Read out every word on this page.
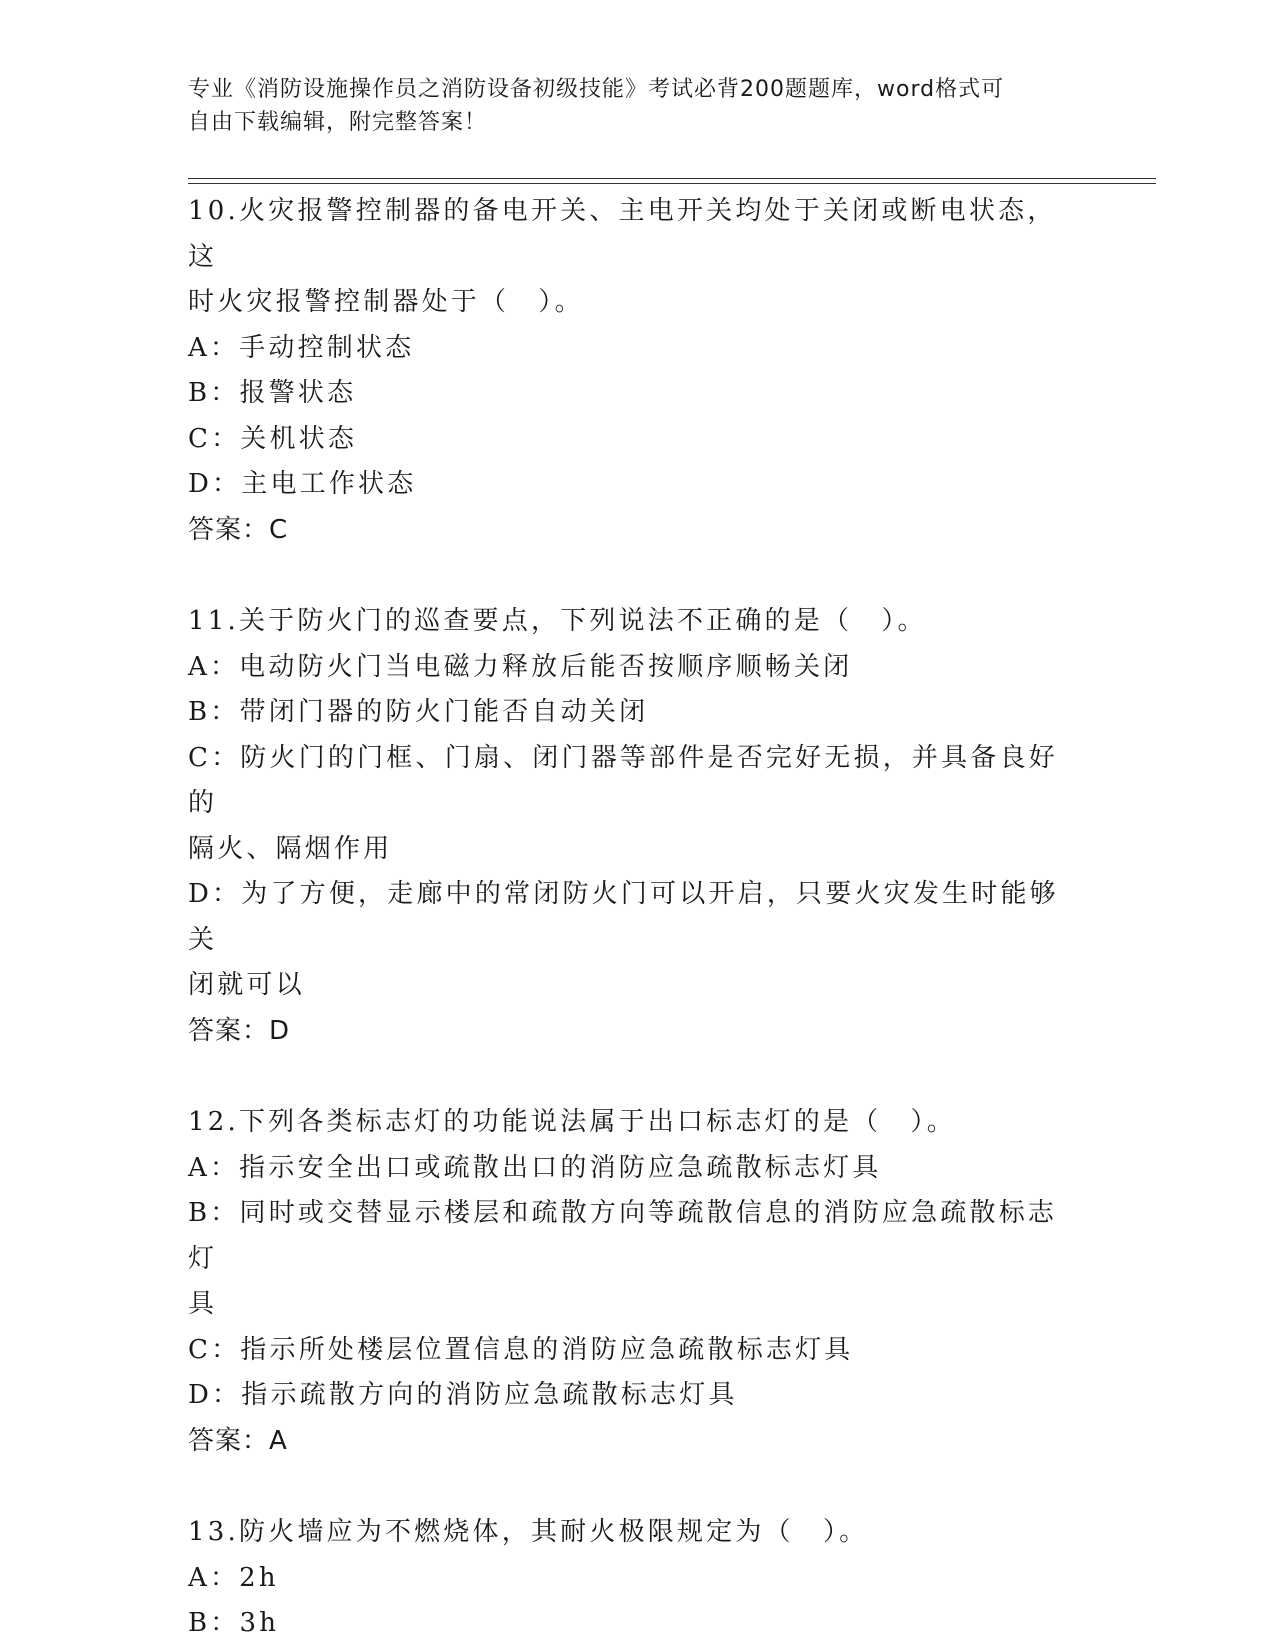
专业《消防设施操作员之消防设备初级技能》考试必背200题题库，word格式可
自由下载编辑，附完整答案！
10.火灾报警控制器的备电开关、主电开关均处于关闭或断电状态，这
时火灾报警控制器处于（　）。
A：手动控制状态
B：报警状态
C：关机状态
D：主电工作状态
答案：C
11.关于防火门的巡查要点，下列说法不正确的是（　）。
A：电动防火门当电磁力释放后能否按顺序顺畅关闭
B：带闭门器的防火门能否自动关闭
C：防火门的门框、门扇、闭门器等部件是否完好无损，并具备良好的
隔火、隔烟作用
D：为了方便，走廊中的常闭防火门可以开启，只要火灾发生时能够关
闭就可以
答案：D
12.下列各类标志灯的功能说法属于出口标志灯的是（　）。
A：指示安全出口或疏散出口的消防应急疏散标志灯具
B：同时或交替显示楼层和疏散方向等疏散信息的消防应急疏散标志灯
具
C：指示所处楼层位置信息的消防应急疏散标志灯具
D：指示疏散方向的消防应急疏散标志灯具
答案：A
13.防火墙应为不燃烧体，其耐火极限规定为（　）。
A：2h
B：3h
